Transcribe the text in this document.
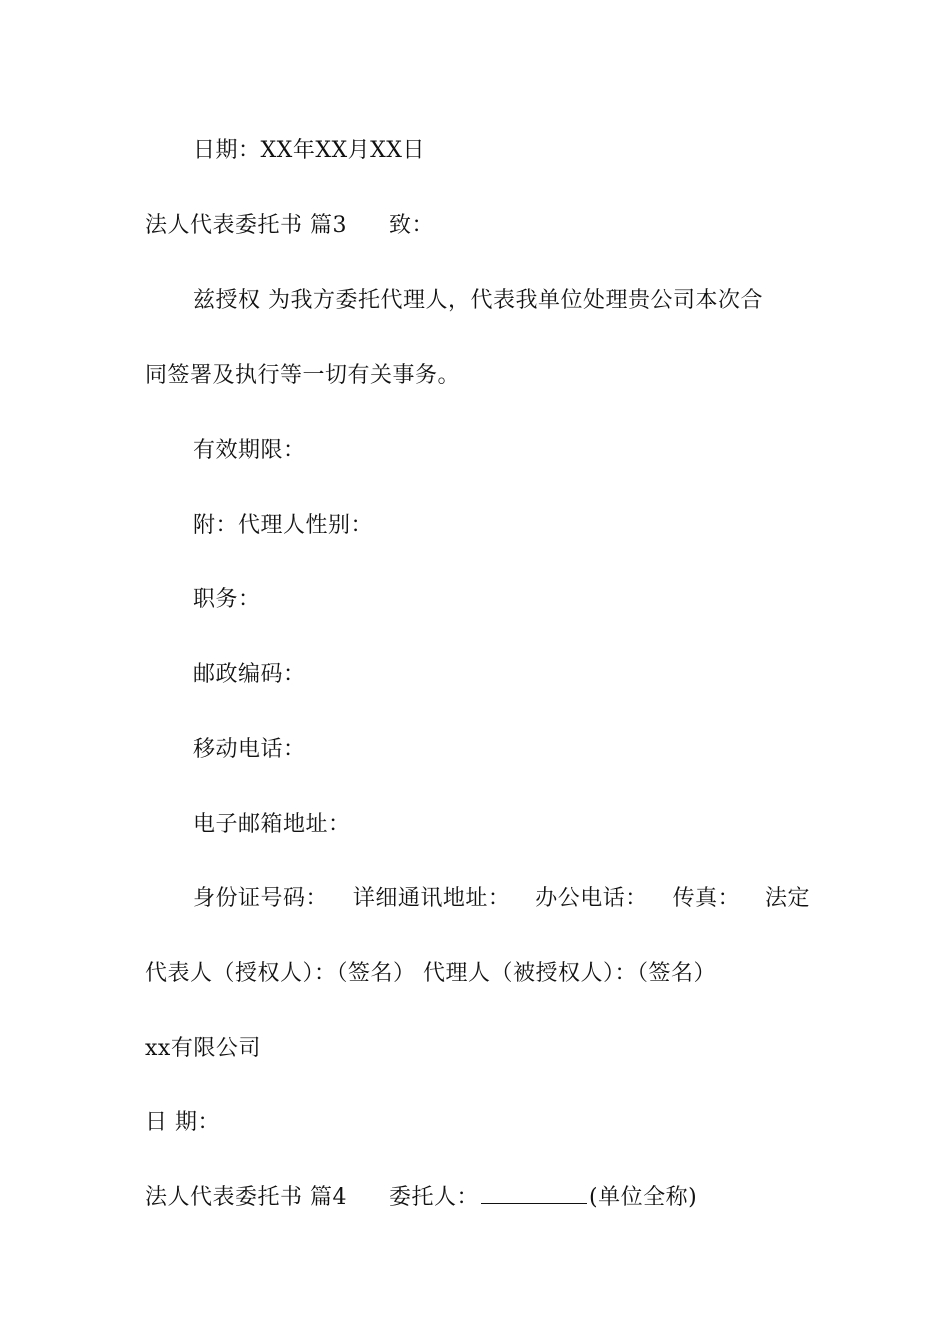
日期：XX年XX月XX日
法人代表委托书 篇3 致：
兹授权 为我方委托代理人，代表我单位处理贵公司本次合
同签署及执行等一切有关事务。
有效期限：
附：代理人性别：
职务：
邮政编码：
移动电话：
电子邮箱地址：
身份证号码： 详细通讯地址： 办公电话： 传真： 法定
代表人（授权人）：（签名） 代理人（被授权人）：（签名）
xx有限公司
日 期：
法人代表委托书 篇4 委托人：	(单位全称)
